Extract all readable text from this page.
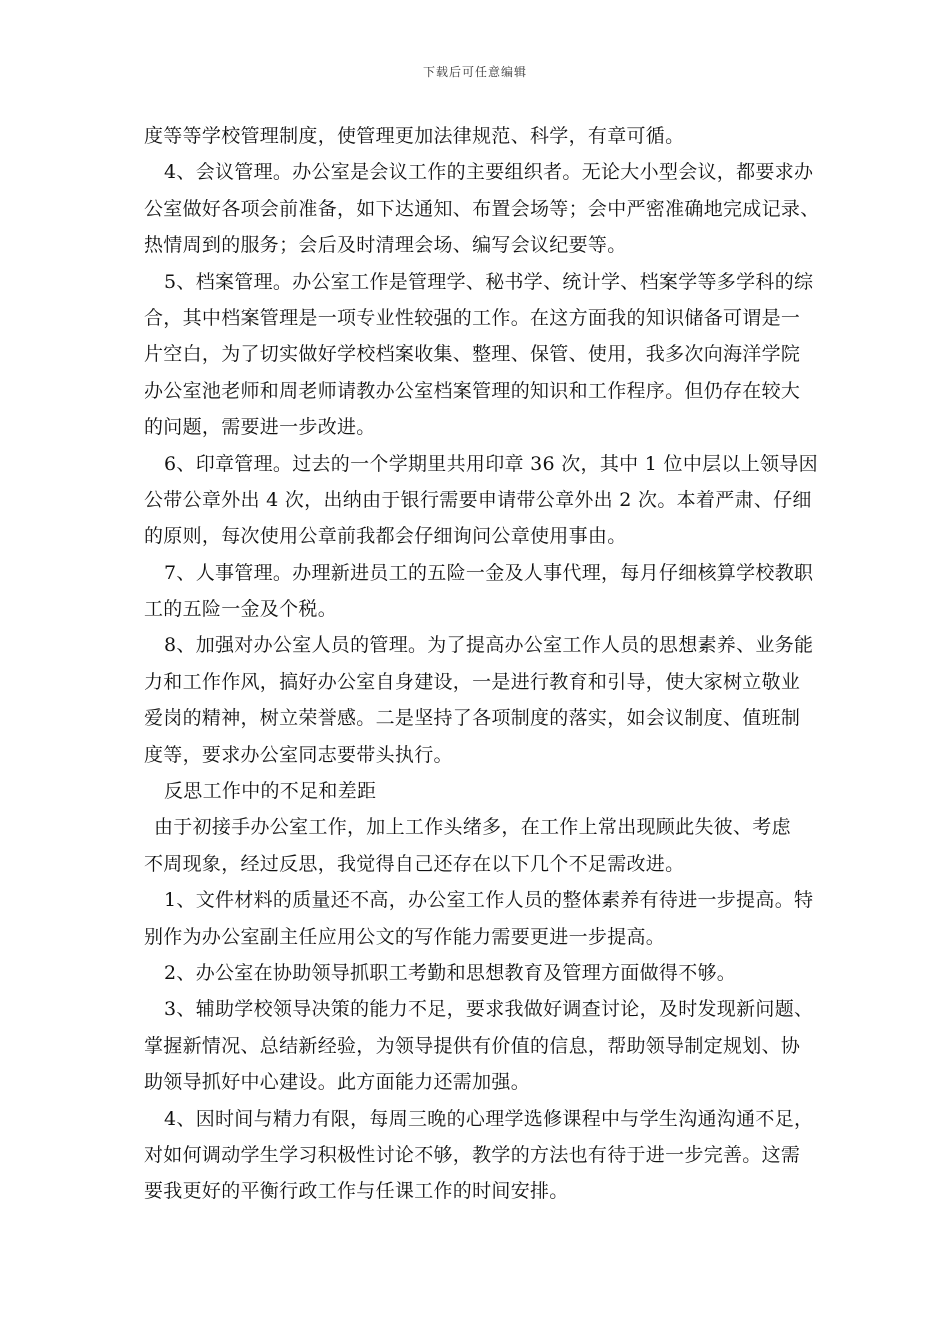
下载后可任意编辑
度等等学校管理制度，使管理更加法律规范、科学，有章可循。
4、会议管理。办公室是会议工作的主要组织者。无论大小型会议，都要求办
公室做好各项会前准备，如下达通知、布置会场等；会中严密准确地完成记录、
热情周到的服务；会后及时清理会场、编写会议纪要等。
5、档案管理。办公室工作是管理学、秘书学、统计学、档案学等多学科的综
合，其中档案管理是一项专业性较强的工作。在这方面我的知识储备可谓是一
片空白，为了切实做好学校档案收集、整理、保管、使用，我多次向海洋学院
办公室池老师和周老师请教办公室档案管理的知识和工作程序。但仍存在较大
的问题，需要进一步改进。
6、印章管理。过去的一个学期里共用印章 36 次，其中 1 位中层以上领导因
公带公章外出 4 次，出纳由于银行需要申请带公章外出 2 次。本着严肃、仔细
的原则，每次使用公章前我都会仔细询问公章使用事由。
7、人事管理。办理新进员工的五险一金及人事代理，每月仔细核算学校教职
工的五险一金及个税。
8、加强对办公室人员的管理。为了提高办公室工作人员的思想素养、业务能
力和工作作风，搞好办公室自身建设，一是进行教育和引导，使大家树立敬业
爱岗的精神，树立荣誉感。二是坚持了各项制度的落实，如会议制度、值班制
度等，要求办公室同志要带头执行。
反思工作中的不足和差距
由于初接手办公室工作，加上工作头绪多，在工作上常出现顾此失彼、考虑
不周现象，经过反思，我觉得自己还存在以下几个不足需改进。
1、文件材料的质量还不高，办公室工作人员的整体素养有待进一步提高。特
别作为办公室副主任应用公文的写作能力需要更进一步提高。
2、办公室在协助领导抓职工考勤和思想教育及管理方面做得不够。
3、辅助学校领导决策的能力不足，要求我做好调查讨论，及时发现新问题、
掌握新情况、总结新经验，为领导提供有价值的信息，帮助领导制定规划、协
助领导抓好中心建设。此方面能力还需加强。
4、因时间与精力有限，每周三晚的心理学选修课程中与学生沟通沟通不足，
对如何调动学生学习积极性讨论不够，教学的方法也有待于进一步完善。这需
要我更好的平衡行政工作与任课工作的时间安排。
